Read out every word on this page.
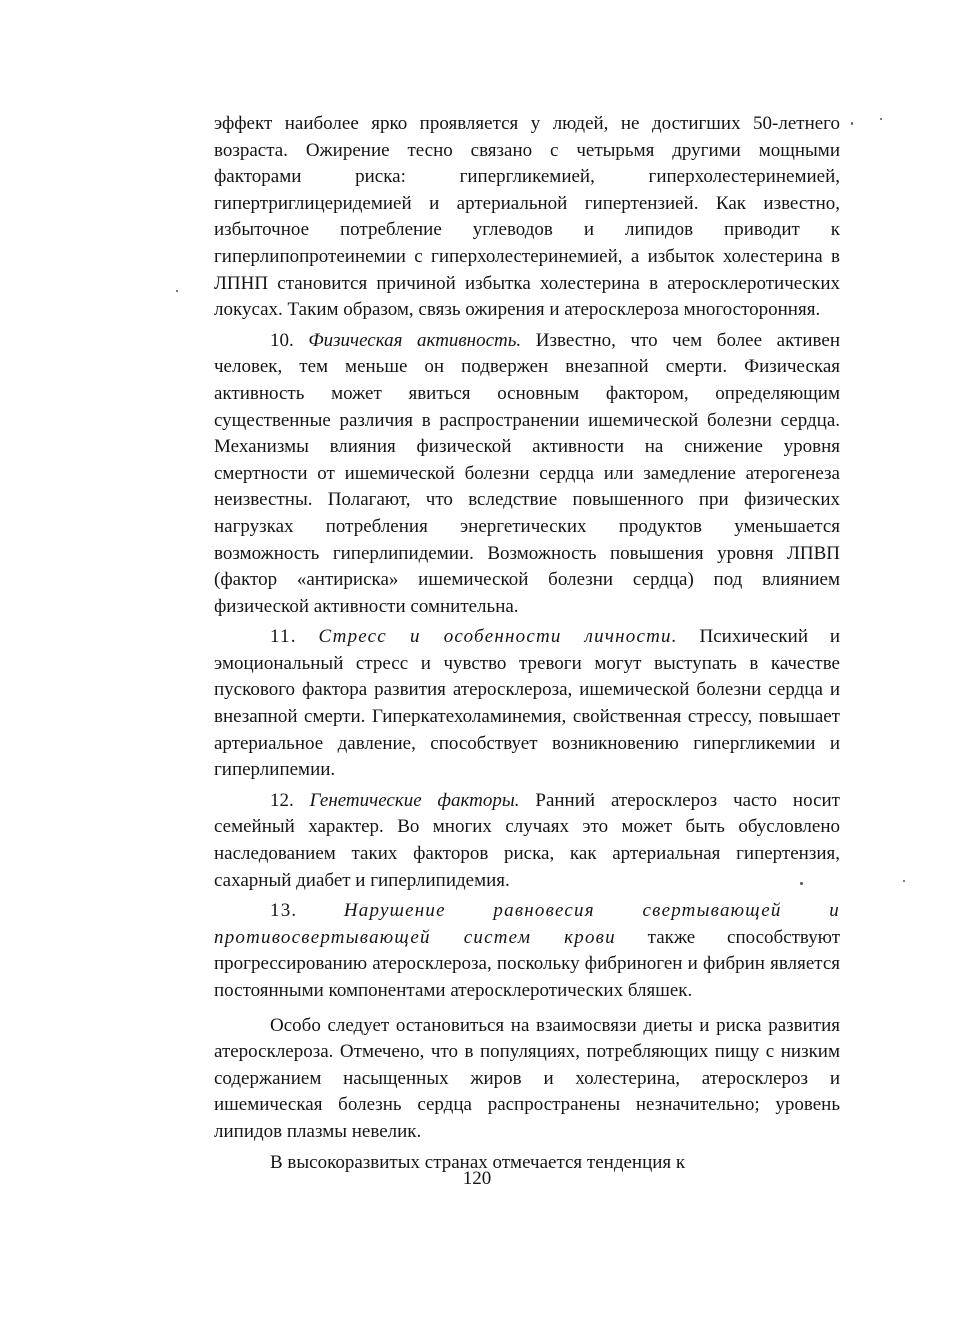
эффект наиболее ярко проявляется у людей, не достигших 50-летнего возраста. Ожирение тесно связано с четырьмя другими мощными факторами риска: гипергликемией, гиперхолестеринемией, гипертриглицеридемией и артериальной гипертензией. Как известно, избыточное потребление углеводов и липидов приводит к гиперлипопротеинемии с гиперхолестеринемией, а избыток холестерина в ЛПНП становится причиной избытка холестерина в атеросклеротических локусах. Таким образом, связь ожирения и атеросклероза многосторонняя.

10. Физическая активность. Известно, что чем более активен человек, тем меньше он подвержен внезапной смерти. Физическая активность может явиться основным фактором, определяющим существенные различия в распространении ишемической болезни сердца. Механизмы влияния физической активности на снижение уровня смертности от ишемической болезни сердца или замедление атерогенеза неизвестны. Полагают, что вследствие повышенного при физических нагрузках потребления энергетических продуктов уменьшается возможность гиперлипидемии. Возможность повышения уровня ЛПВП (фактор «антириска» ишемической болезни сердца) под влиянием физической активности сомнительна.

11. Стресс и особенности личности. Психический и эмоциональный стресс и чувство тревоги могут выступать в качестве пускового фактора развития атеросклероза, ишемической болезни сердца и внезапной смерти. Гиперкатехоламинемия, свойственная стрессу, повышает артериальное давление, способствует возникновению гипергликемии и гиперлипемии.

12. Генетические факторы. Ранний атеросклероз часто носит семейный характер. Во многих случаях это может быть обусловлено наследованием таких факторов риска, как артериальная гипертензия, сахарный диабет и гиперлипидемия.

13. Нарушение равновесия свертывающей и противосвертывающей систем крови также способствуют прогрессированию атеросклероза, поскольку фибриноген и фибрин является постоянными компонентами атеросклеротических бляшек.

Особо следует остановиться на взаимосвязи диеты и риска развития атеросклероза. Отмечено, что в популяциях, потребляющих пищу с низким содержанием насыщенных жиров и холестерина, атеросклероз и ишемическая болезнь сердца распространены незначительно; уровень липидов плазмы невелик.

В высокоразвитых странах отмечается тенденция к

120
